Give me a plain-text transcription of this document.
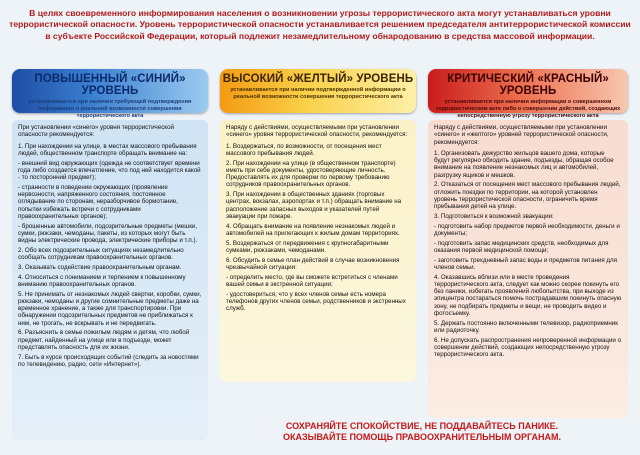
В целях своевременного информирования населения о возникновении угрозы террористического акта могут устанавливаться уровни террористической опасности. Уровень террористической опасности устанавливается решением председателя антитеррористической комиссии в субъекте Российской Федерации, который подлежит незамедлительному обнародованию в средства массовой информации.
ПОВЫШЕННЫЙ «СИНИЙ» УРОВЕНЬ
устанавливается при наличии требующей подтверждения информации о реальной возможности совершения террористического акта
ВЫСОКИЙ «ЖЕЛТЫЙ» УРОВЕНЬ
устанавливается при наличии подтвержденной информации о реальной возможности совершения террористического акта
КРИТИЧЕСКИЙ «КРАСНЫЙ» УРОВЕНЬ
устанавливается при наличии информации о совершенном террористическом акте либо о совершении действий, создающих непосредственную угрозу террористического акта

При установлении «синего» уровня террористической опасности рекомендуется:

1. При нахождении на улице, в местах массового пребывания людей, общественном транспорте обращать внимание на:

- внешний вид окружающих (одежда не соответствует времени года либо создается впечатление, что под ней находится какой - то посторонний предмет);

- странности в поведении окружающих (проявление нервозности, напряженного состояния, постоянное оглядывание по сторонам, неразборчивое бормотание, попытки избежать встречи с сотрудниками правоохранительных органов);

- брошенные автомобили, подозрительные предметы (мешки, сумки, рюкзаки, чемоданы, пакеты, из которых могут быть видны электрические провода, электрические приборы и т.п.).

2. Обо всех подозрительных ситуациях незамедлительно сообщать сотрудникам правоохранительных органов.

3. Оказывать содействие правоохранительным органам.

4. Относиться с пониманием и терпением к повышенному вниманию правоохранительных органов.

5. Не принимать от незнакомых людей свертки, коробки, сумки, рюкзаки, чемоданы и другие сомнительные предметы даже на временное хранение, а также для транспортировки. При обнаружении подозрительных предметов не приближаться к ним, не трогать, не вскрывать и не передвигать.

6. Разъяснить в семье пожилым людям и детям, что любой предмет, найденный на улице или в подъезде, может представлять опасность для их жизни.

7. Быть в курсе происходящих событий (следить за новостями по телевидению, радио, сети «Интернет»).

Наряду с действиями, осуществляемыми при установлении «синего» уровня террористической опасности, рекомендуется:

1. Воздержаться, по возможности, от посещения мест массового пребывания людей.

2. При нахождении на улице (в общественном транспорте) иметь при себе документы, удостоверяющие личность. Предоставлять их для проверки по первому требованию сотрудников правоохранительных органов.

3. При нахождении в общественных зданиях (торговых центрах, вокзалах, аэропортах и т.п.) обращать внимание на расположение запасных выходов и указателей путей эвакуации при пожаре.

4. Обращать внимание на появление незнакомых людей и автомобилей на прилегающих к жилым домам территориях.

5. Воздержаться от передвижения с крупногабаритными сумками, рюкзаками, чемоданами.

6. Обсудить в семье план действий в случае возникновения чрезвычайной ситуации:

- определить место, где вы сможете встретиться с членами вашей семьи в экстренной ситуации;

- удостовериться, что у всех членов семьи есть номера телефонов других членов семьи, родственников и экстренных служб.

Наряду с действиями, осуществляемыми при установлении «синего» и «желтого» уровней террористической опасности, рекомендуется:

1. Организовать дежурство жильцов вашего дома, которые будут регулярно обходить здание, подъезды, обращая особое внимание на появление незнакомых лиц и автомобилей, разгрузку ящиков и мешков.

2. Отказаться от посещения мест массового пребывания людей, отложить поездки по территории, на которой установлен уровень террористической опасности, ограничить время пребывания детей на улице.

3. Подготовиться к возможной эвакуации:

- подготовить набор предметов первой необходимости, деньги и документы;

- подготовить запас медицинских средств, необходимых для оказания первой медицинской помощи;

- заготовить трехдневный запас воды и предметов питания для членов семьи.

4. Оказавшись вблизи или в месте проведения террористического акта, следует как можно скорее покинуть его без паники, избегать проявлений любопытства, при выходе из эпицентра постараться помочь пострадавшим покинуть опасную зону, не подбирать предметы и вещи, не проводить видео и фотосъемку.

5. Держать постоянно включенными телевизор, радиоприемник или радиоточку.

6. Не допускать распространения непроверенной информации о совершении действий, создающих непосредственную угрозу террористического акта.

СОХРАНЯЙТЕ СПОКОЙСТВИЕ, НЕ ПОДДАВАЙТЕСЬ ПАНИКЕ.
ОКАЗЫВАЙТЕ ПОМОЩЬ ПРАВООХРАНИТЕЛЬНЫМ ОРГАНАМ.
